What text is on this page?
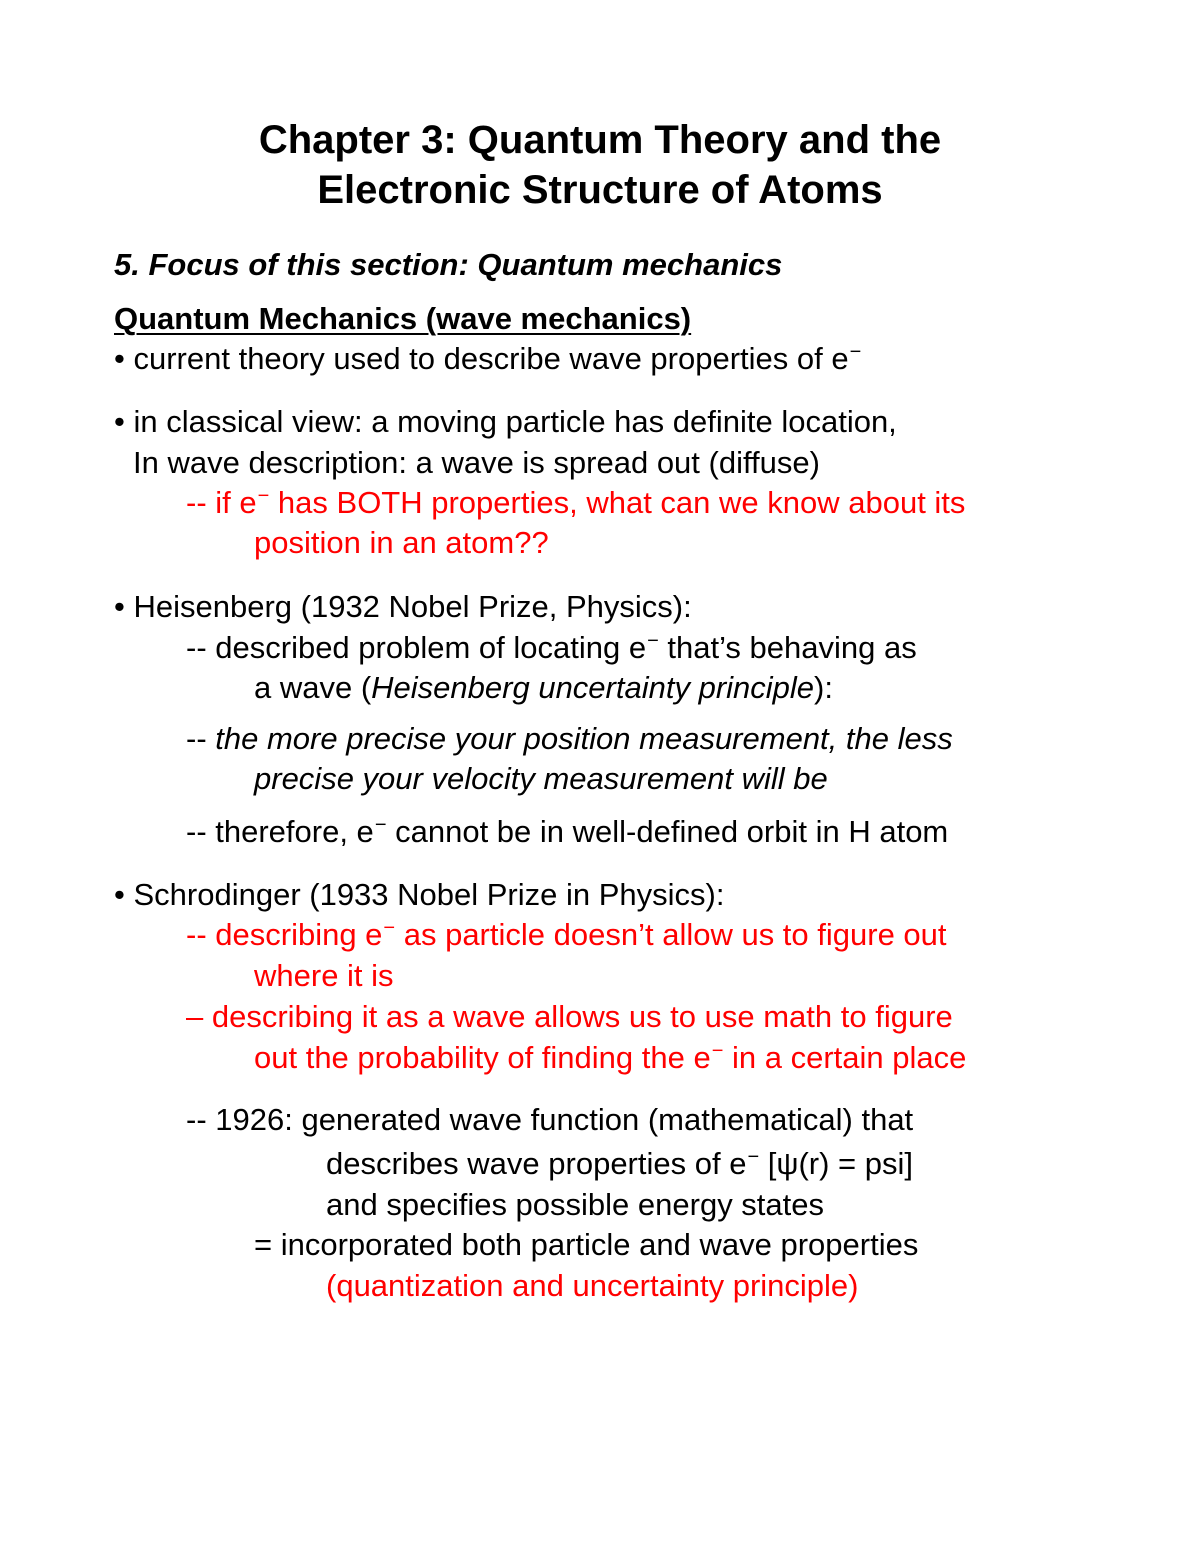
Chapter 3: Quantum Theory and the
Electronic Structure of Atoms
5. Focus of this section: Quantum mechanics
Quantum Mechanics (wave mechanics)
• current theory used to describe wave properties of e−
• in classical view: a moving particle has definite location,
In wave description: a wave is spread out (diffuse)
-- if e− has BOTH properties, what can we know about its
position in an atom??
• Heisenberg (1932 Nobel Prize, Physics):
-- described problem of locating e− that’s behaving as
a wave (Heisenberg uncertainty principle):
-- the more precise your position measurement, the less
precise your velocity measurement will be
-- therefore, e− cannot be in well-defined orbit in H atom
• Schrodinger (1933 Nobel Prize in Physics):
-- describing e− as particle doesn’t allow us to figure out
where it is
– describing it as a wave allows us to use math to figure
out the probability of finding the e− in a certain place
-- 1926: generated wave function (mathematical) that
describes wave properties of e− [ψ(r) = psi]
and specifies possible energy states
= incorporated both particle and wave properties
(quantization and uncertainty principle)
